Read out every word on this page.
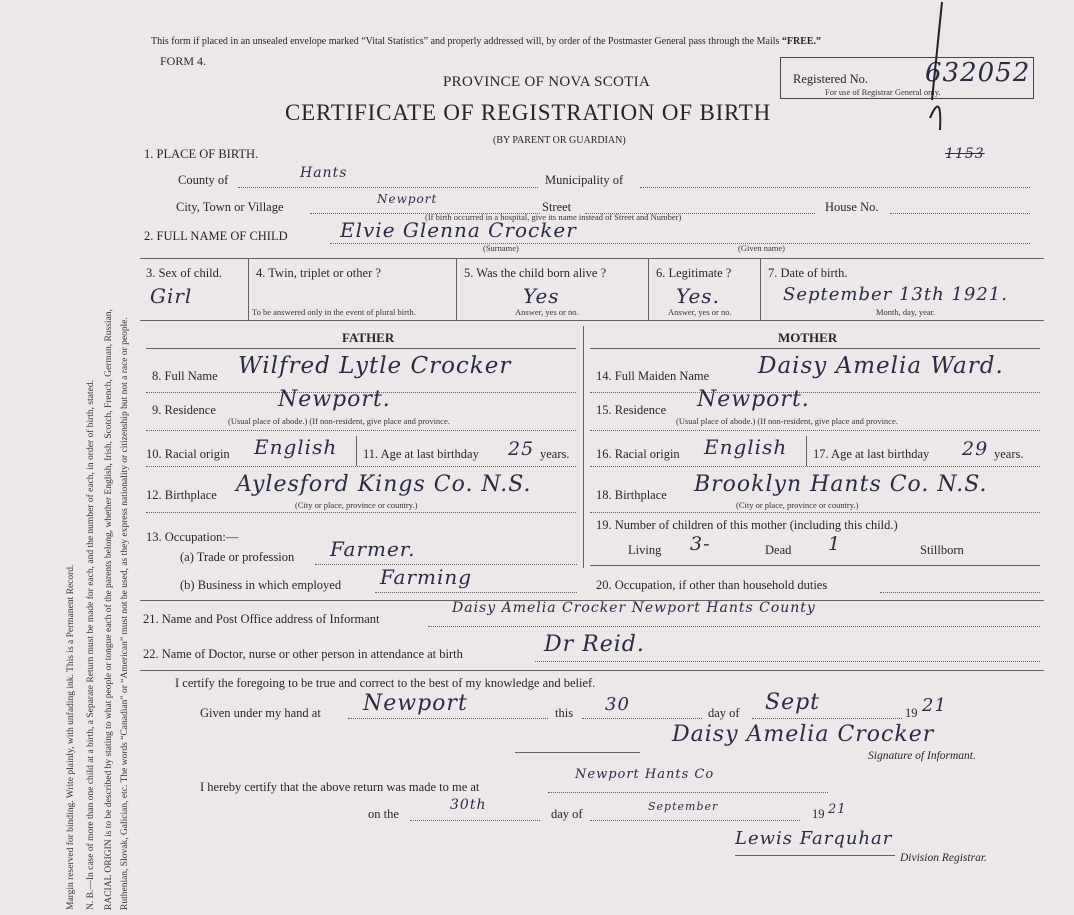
Margin reserved for binding. Write plainly, with unfading ink. This is a Permanent Record. N. B.—In case of more than one child at a birth, a Separate Return must be made for each, and the number of each, in order of birth, stated. RACIAL ORIGIN is to be described by stating to what people or tongue each of the parents belong, whether English, Irish, Scotch, French, German, Russian, Ruthenian, Slovak, Galician, etc. The words “Canadian” or “American” must not be used, as they express nationality or citizenship but not a race or people.
This form if placed in an unsealed envelope marked “Vital Statistics” and properly addressed will, by order of the Postmaster General pass through the Mails “FREE.”
FORM 4.
Registered No.
For use of Registrar General only.
632052
1153
PROVINCE OF NOVA SCOTIA
CERTIFICATE OF REGISTRATION OF BIRTH
(BY PARENT OR GUARDIAN)
1. PLACE OF BIRTH.
County of	Hants	Municipality of
City, Town or Village
Newport
Street	House No.
(If birth occurred in a hospital, give its name instead of Street and Number)
2. FULL NAME OF CHILD	Elvie Glenna Crocker
(Surname)	(Given name)
3. Sex of child.
Girl
4. Twin, triplet or other ?
To be answered only in the event of plural birth.
5. Was the child born alive ?
Yes
Answer, yes or no.
6. Legitimate ?
Yes.
Answer, yes or no.
7. Date of birth.
September 13th 1921.
Month, day, year.
FATHER	MOTHER
8. Full Name Wilfred Lytle Crocker
9. Residence	Newport.
(Usual place of abode.) (If non-resident, give place and province.
10. Racial origin English 11. Age at last birthday 25 years.
12. Birthplace Aylesford Kings Co. N.S.
(City or place, province or country.)
13. Occupation:—
(a) Trade or profession Farmer.
(b) Business in which employed Farming
14. Full Maiden Name Daisy Amelia Ward.
15. Residence Newport.
(Usual place of abode.) (If non-resident, give place and province.
16. Racial origin English 17. Age at last birthday 29 years.
18. Birthplace Brooklyn Hants Co. N.S.
(City or place, province or country.)
19. Number of children of this mother (including this child.)
Living 3-	Dead 1	Stillborn
20. Occupation, if other than household duties
21. Name and Post Office address of Informant
Daisy Amelia Crocker Newport Hants County
22. Name of Doctor, nurse or other person in attendance at birth	Dr Reid.
I certify the foregoing to be true and correct to the best of my knowledge and belief.
Given under my hand at Newport	this 30	day of Sept	19 21
Daisy Amelia Crocker
Signature of Informant.
I hereby certify that the above return was made to me at
Newport Hants Co
on the
30th
day of
September
19 21
Lewis Farquhar
Division Registrar.
